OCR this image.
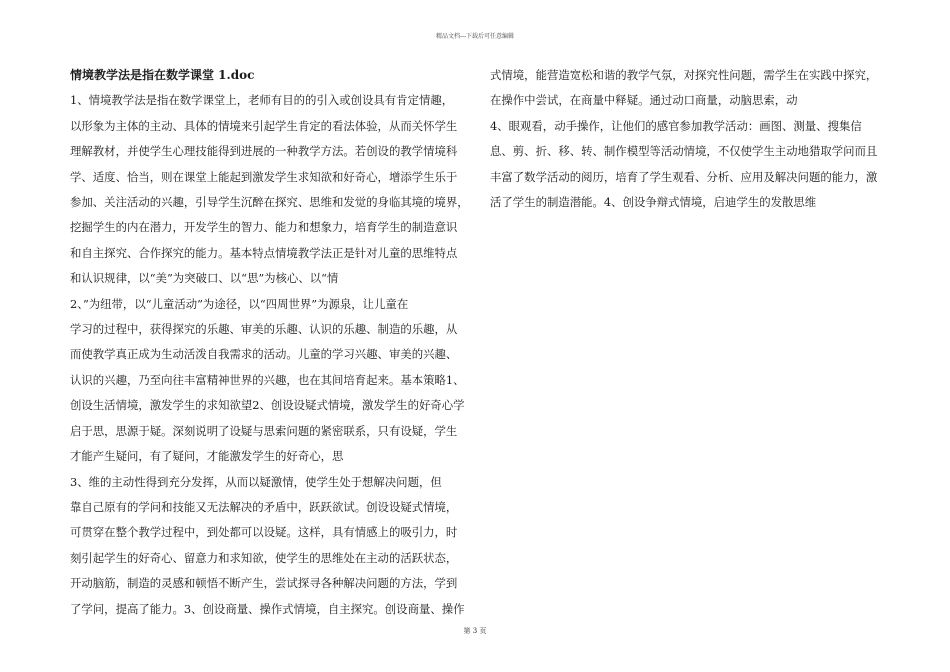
精品文档---下载后可任意编辑
情境教学法是指在数学课堂 1.doc
1、情境教学法是指在数学课堂上，老师有目的的引入或创设具有肯定情趣，
以形象为主体的主动、具体的情境来引起学生肯定的看法体验，从而关怀学生
理解教材，并使学生心理技能得到进展的一种教学方法。若创设的教学情境科
学、适度、恰当，则在课堂上能起到激发学生求知欲和好奇心，增添学生乐于
参加、关注活动的兴趣，引导学生沉醉在探究、思维和发觉的身临其境的境界，
挖掘学生的内在潜力，开发学生的智力、能力和想象力，培育学生的制造意识
和自主探究、合作探究的能力。基本特点情境教学法正是针对儿童的思维特点
和认识规律，以“美”为突破口、以“思”为核心、以“情
2、”为纽带，以“儿童活动”为途径，以“四周世界”为源泉，让儿童在
学习的过程中，获得探究的乐趣、审美的乐趣、认识的乐趣、制造的乐趣，从
而使教学真正成为生动活泼自我需求的活动。儿童的学习兴趣、审美的兴趣、
认识的兴趣，乃至向往丰富精神世界的兴趣，也在其间培育起来。基本策略1、
创设生活情境，激发学生的求知欲望2、创设设疑式情境，激发学生的好奇心学
启于思，思源于疑。深刻说明了设疑与思索问题的紧密联系，只有设疑，学生
才能产生疑问，有了疑问，才能激发学生的好奇心，思
3、维的主动性得到充分发挥，从而以疑激情，使学生处于想解决问题，但
靠自己原有的学问和技能又无法解决的矛盾中，跃跃欲试。创设设疑式情境，
可贯穿在整个教学过程中，到处都可以设疑。这样，具有情感上的吸引力，时
刻引起学生的好奇心、留意力和求知欲，使学生的思维处在主动的活跃状态，
开动脑筋，制造的灵感和顿悟不断产生，尝试探寻各种解决问题的方法，学到
了学问，提高了能力。3、创设商量、操作式情境，自主探究。创设商量、操作
式情境，能营造宽松和谐的教学气氛，对探究性问题，需学生在实践中探究，
在操作中尝试，在商量中释疑。通过动口商量，动脑思索，动
4、眼观看，动手操作，让他们的感官参加教学活动：画图、测量、搜集信
息、剪、折、移、转、制作模型等活动情境，不仅使学生主动地猎取学问而且
丰富了数学活动的阅历，培育了学生观看、分析、应用及解决问题的能力，激
活了学生的制造潜能。4、创设争辩式情境，启迪学生的发散思维
第 3 页
